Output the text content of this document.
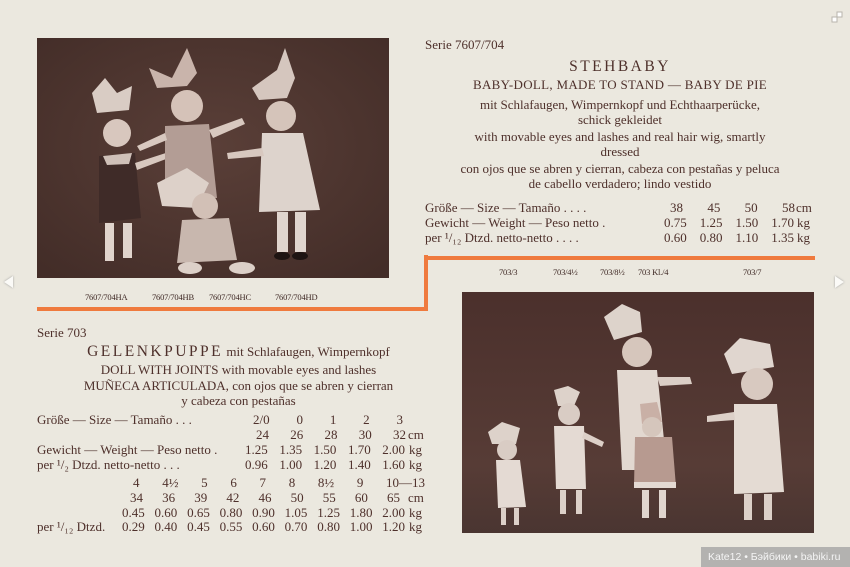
7607/704HA	7607/704HB 7607/704HC	7607/704HD
Serie 7607/704
STEHBABY
BABY-DOLL, MADE TO STAND — BABY DE PIE
mit Schlafaugen, Wimpernkopf und Echthaarperücke,
schick gekleidet
with movable eyes and lashes and real hair wig, smartly
dressed
con ojos que se abren y cierran, cabeza con pestañas y peluca
de cabello verdadero; lindo vestido
Größe — Size — Tamaño . . . .	38 45 50 58 cm
Gewicht — Weight — Peso netto .	0.75 1.25 1.50 1.70 kg
per ¹/₁₂ Dtzd. netto-netto . . . .	0.60 0.80 1.10 1.35 kg
703/3	703/4½	703/8½ 703 Kl./4	703/7
Serie 703
GELENKPUPPE mit Schlafaugen, Wimpernkopf
DOLL WITH JOINTS with movable eyes and lashes
MUÑECA ARTICULADA, con ojos que se abren y cierran
y cabeza con pestañas
Größe — Size — Tamaño . . .	2/0 0 1 2 3
24 26 28 30 32 cm
Gewicht — Weight — Peso netto . 1.25 1.35 1.50 1.70 2.00 kg
per ¹/₂ Dtzd. netto-netto . . .	0.96 1.00 1.20 1.40 1.60 kg
4 4½ 5 6 7 8 8½ 9 10—13
34 36 39 42 46 50 55 60 65 cm
0.45 0.60 0.65 0.80 0.90 1.05 1.25 1.80 2.00 kg
per ¹/₁₂ Dtzd. 0.29 0.40 0.45 0.55 0.60 0.70 0.80 1.00 1.20 kg
Kate12 • Бэйбики • babiki.ru
